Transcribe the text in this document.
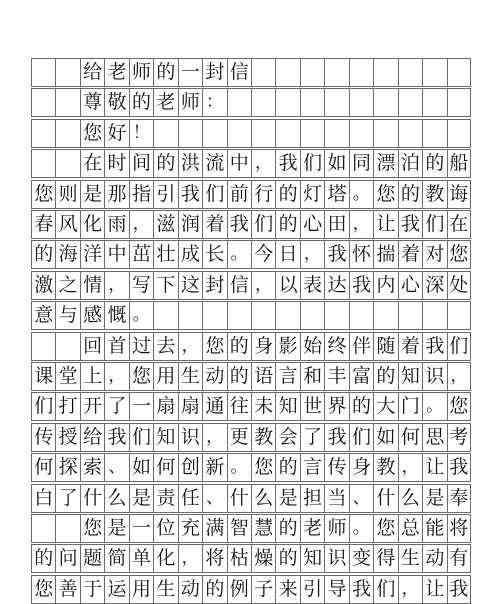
给 老 师 的 一 封 信
尊 敬 的 老 师 ：
您 好 ！
在 时 间 的 洪 流 中 ， 我 们 如 同 漂 泊 的 船
您 则 是 那 指 引 我 们 前 行 的 灯 塔 。 您 的 教 诲
春 风 化 雨 ， 滋 润 着 我 们 的 心 田 ， 让 我 们 在
的 海 洋 中 茁 壮 成 长 。 今 日 ， 我 怀 揣 着 对 您
激 之 情 ， 写 下 这 封 信 ， 以 表 达 我 内 心 深 处
意 与 感 慨 。
回 首 过 去 ， 您 的 身 影 始 终 伴 随 着 我 们
课 堂 上 ， 您 用 生 动 的 语 言 和 丰 富 的 知 识 ，
们 打 开 了 一 扇 扇 通 往 未 知 世 界 的 大 门 。 您
传 授 给 我 们 知 识 ， 更 教 会 了 我 们 如 何 思 考
何 探 索 、 如 何 创 新 。 您 的 言 传 身 教 ， 让 我
白 了 什 么 是 责 任 、 什 么 是 担 当 、 什 么 是 奉
您 是 一 位 充 满 智 慧 的 老 师 。 您 总 能 将
的 问 题 简 单 化 ， 将 枯 燥 的 知 识 变 得 生 动 有
您 善 于 运 用 生 动 的 例 子 来 引 导 我 们 ， 让 我
